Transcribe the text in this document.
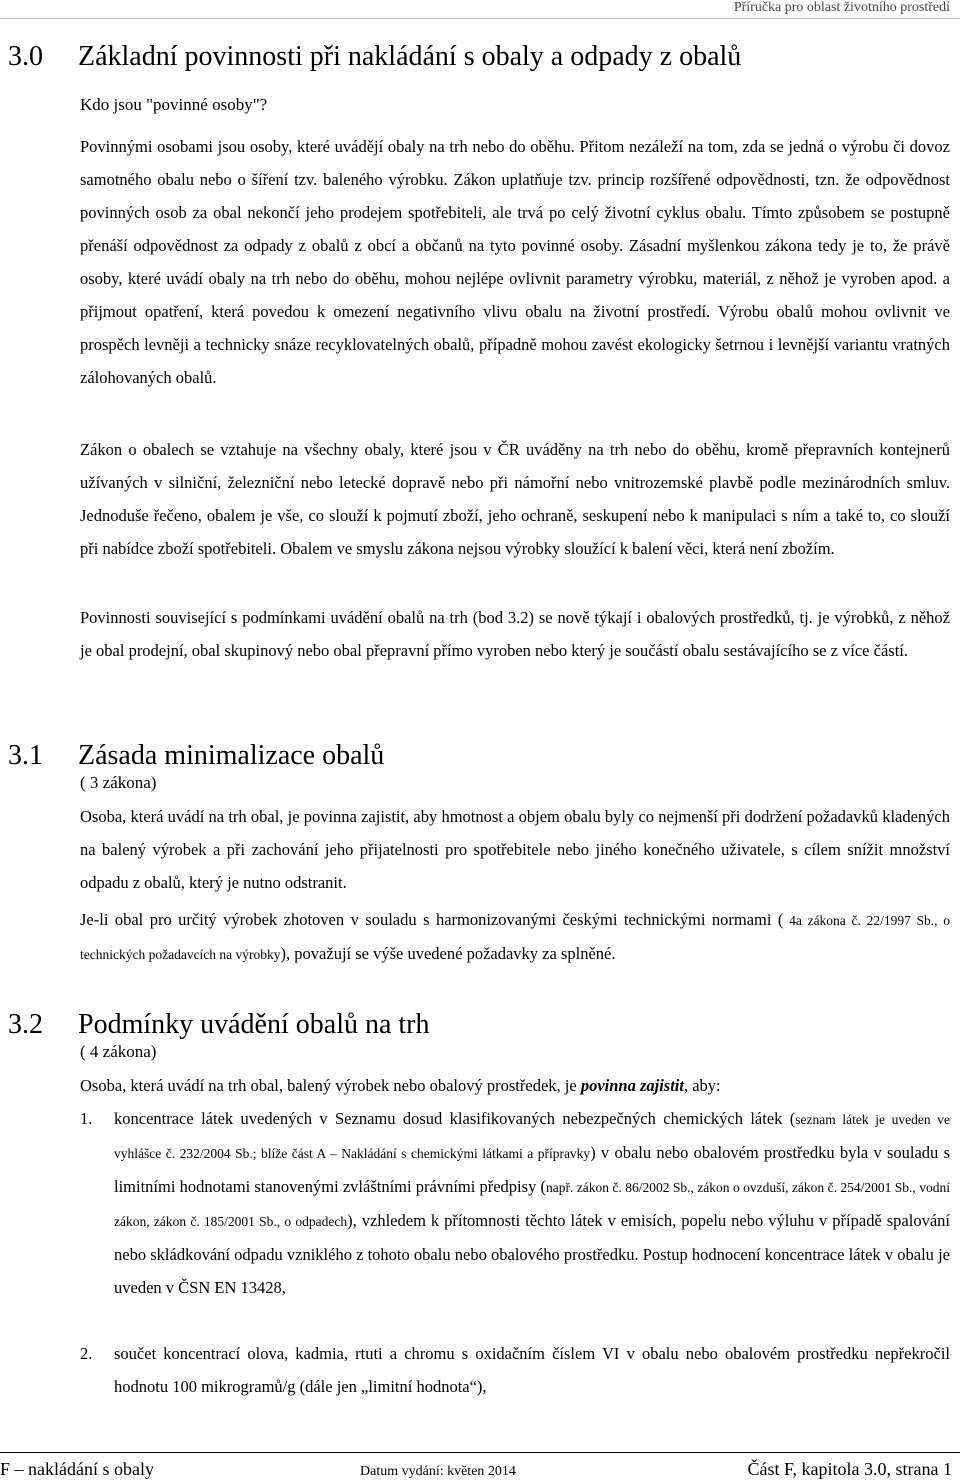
Příručka pro oblast životního prostředí
3.0 Základní povinnosti při nakládání s obaly a odpady z obalů
Kdo jsou "povinné osoby"?
Povinnými osobami jsou osoby, které uvádějí obaly na trh nebo do oběhu. Přitom nezáleží na tom, zda se jedná o výrobu či dovoz samotného obalu nebo o šíření tzv. baleného výrobku. Zákon uplatňuje tzv. princip rozšířené odpovědnosti, tzn. že odpovědnost povinných osob za obal nekončí jeho prodejem spotřebiteli, ale trvá po celý životní cyklus obalu. Tímto způsobem se postupně přenáší odpovědnost za odpady z obalů z obcí a občanů na tyto povinné osoby. Zásadní myšlenkou zákona tedy je to, že právě osoby, které uvádí obaly na trh nebo do oběhu, mohou nejlépe ovlivnit parametry výrobku, materiál, z něhož je vyroben apod. a přijmout opatření, která povedou k omezení negativního vlivu obalu na životní prostředí. Výrobu obalů mohou ovlivnit ve prospěch levněji a technicky snáze recyklovatelných obalů, případně mohou zavést ekologicky šetrnou i levnější variantu vratných zálohovaných obalů.
Zákon o obalech se vztahuje na všechny obaly, které jsou v ČR uváděny na trh nebo do oběhu, kromě přepravních kontejnerů užívaných v silniční, železniční nebo letecké dopravě nebo při námořní nebo vnitrozemské plavbě podle mezinárodních smluv. Jednoduše řečeno, obalem je vše, co slouží k pojmutí zboží, jeho ochraně, seskupení nebo k manipulaci s ním a také to, co slouží při nabídce zboží spotřebiteli. Obalem ve smyslu zákona nejsou výrobky sloužící k balení věci, která není zbožím.
Povinnosti související s podmínkami uvádění obalů na trh (bod 3.2) se nově týkají i obalových prostředků, tj. je výrobků, z něhož je obal prodejní, obal skupinový nebo obal přepravní přímo vyroben nebo který je součástí obalu sestávajícího se z více částí.
3.1 Zásada minimalizace obalů
( 3 zákona)
Osoba, která uvádí na trh obal, je povinna zajistit, aby hmotnost a objem obalu byly co nejmenší při dodržení požadavků kladených na balený výrobek a při zachování jeho přijatelnosti pro spotřebitele nebo jiného konečného uživatele, s cílem snížit množství odpadu z obalů, který je nutno odstranit.
Je-li obal pro určitý výrobek zhotoven v souladu s harmonizovanými českými technickými normami ( 4a zákona č. 22/1997 Sb., o technických požadavcích na výrobky), považují se výše uvedené požadavky za splněné.
3.2 Podmínky uvádění obalů na trh
( 4 zákona)
Osoba, která uvádí na trh obal, balený výrobek nebo obalový prostředek, je povinna zajistit, aby:
1. koncentrace látek uvedených v Seznamu dosud klasifikovaných nebezpečných chemických látek (seznam látek je uveden ve vyhlášce č. 232/2004 Sb.; blíže část A – Nakládání s chemickými látkami a přípravky) v obalu nebo obalovém prostředku byla v souladu s limitními hodnotami stanovenými zvláštními právními předpisy (např. zákon č. 86/2002 Sb., zákon o ovzduší, zákon č. 254/2001 Sb., vodní zákon, zákon č. 185/2001 Sb., o odpadech), vzhledem k přítomnosti těchto látek v emisích, popelu nebo výluhu v případě spalování nebo skládkování odpadu vzniklého z tohoto obalu nebo obalového prostředku. Postup hodnocení koncentrace látek v obalu je uveden v ČSN EN 13428,
2. součet koncentrací olova, kadmia, rtuti a chromu s oxidačním číslem VI v obalu nebo obalovém prostředku nepřekročil hodnotu 100 mikrogramů/g (dále jen „limitní hodnota“),
F – nakládání s obaly	Datum vydání: květen 2014	Část F, kapitola 3.0, strana 1
